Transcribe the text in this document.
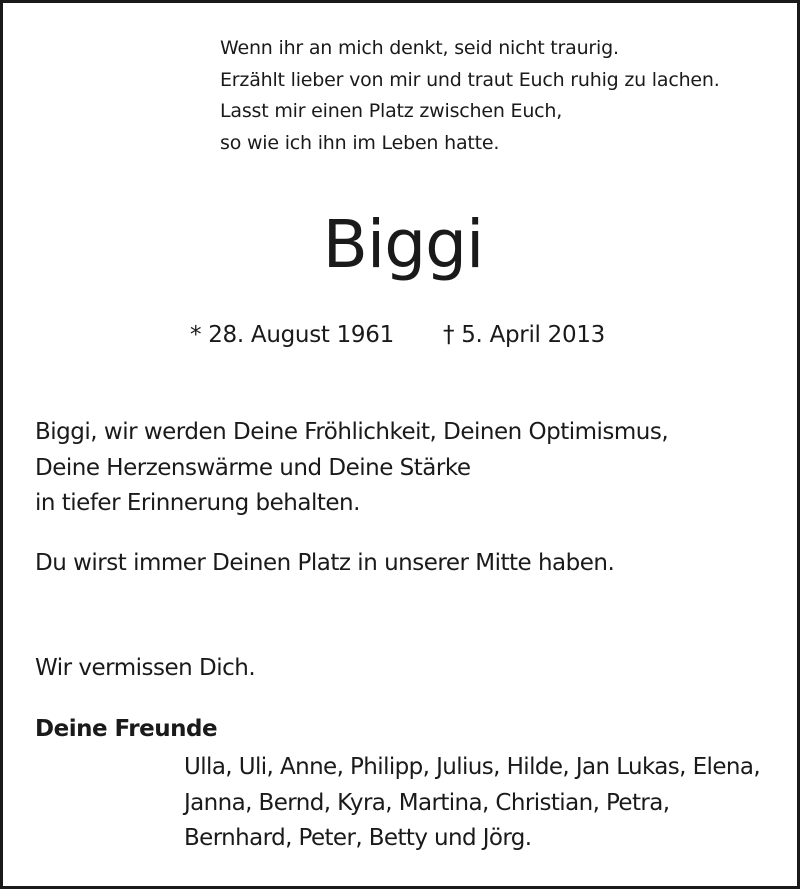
Wenn ihr an mich denkt, seid nicht traurig.
Erzählt lieber von mir und traut Euch ruhig zu lachen.
Lasst mir einen Platz zwischen Euch,
so wie ich ihn im Leben hatte.
Biggi
* 28. August 1961 † 5. April 2013
Biggi, wir werden Deine Fröhlichkeit, Deinen Optimismus,
Deine Herzenswärme und Deine Stärke
in tiefer Erinnerung behalten.
Du wirst immer Deinen Platz in unserer Mitte haben.
Wir vermissen Dich.
Deine Freunde
Ulla, Uli, Anne, Philipp, Julius, Hilde, Jan Lukas, Elena,
Janna, Bernd, Kyra, Martina, Christian, Petra,
Bernhard, Peter, Betty und Jörg.
